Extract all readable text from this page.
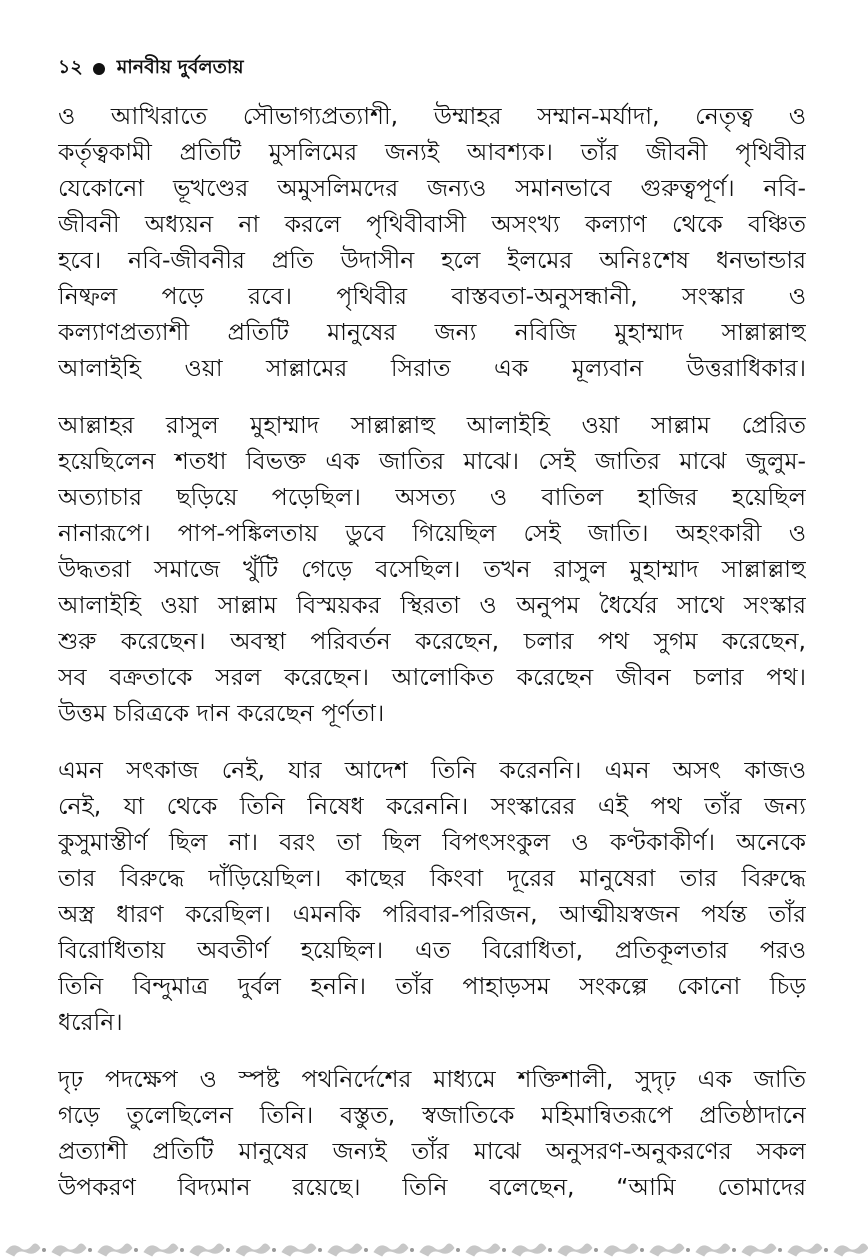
১২ মানবীয় দুর্বলতায়
ও আখিরাতে সৌভাগ্যপ্রত্যাশী, উম্মাহর সম্মান-মর্যাদা, নেতৃত্ব ও
কর্তৃত্বকামী প্রতিটি মুসলিমের জন্যই আবশ্যক। তাঁর জীবনী পৃথিবীর
যেকোনো ভূখণ্ডের অমুসলিমদের জন্যও সমানভাবে গুরুত্বপূর্ণ। নবি-
জীবনী অধ্যয়ন না করলে পৃথিবীবাসী অসংখ্য কল্যাণ থেকে বঞ্চিত
হবে। নবি-জীবনীর প্রতি উদাসীন হলে ইলমের অনিঃশেষ ধনভান্ডার
নিষ্ফল পড়ে রবে। পৃথিবীর বাস্তবতা-অনুসন্ধানী, সংস্কার ও
কল্যাণপ্রত্যাশী প্রতিটি মানুষের জন্য নবিজি মুহাম্মাদ সাল্লাল্লাহু
আলাইহি ওয়া সাল্লামের সিরাত এক মূল্যবান উত্তরাধিকার।
আল্লাহর রাসুল মুহাম্মাদ সাল্লাল্লাহু আলাইহি ওয়া সাল্লাম প্রেরিত
হয়েছিলেন শতধা বিভক্ত এক জাতির মাঝে। সেই জাতির মাঝে জুলুম-
অত্যাচার ছড়িয়ে পড়েছিল। অসত্য ও বাতিল হাজির হয়েছিল
নানারূপে। পাপ-পঙ্কিলতায় ডুবে গিয়েছিল সেই জাতি। অহংকারী ও
উদ্ধতরা সমাজে খুঁটি গেড়ে বসেছিল। তখন রাসুল মুহাম্মাদ সাল্লাল্লাহু
আলাইহি ওয়া সাল্লাম বিস্ময়কর স্থিরতা ও অনুপম ধৈর্যের সাথে সংস্কার
শুরু করেছেন। অবস্থা পরিবর্তন করেছেন, চলার পথ সুগম করেছেন,
সব বক্রতাকে সরল করেছেন। আলোকিত করেছেন জীবন চলার পথ।
উত্তম চরিত্রকে দান করেছেন পূর্ণতা।
এমন সৎকাজ নেই, যার আদেশ তিনি করেননি। এমন অসৎ কাজও
নেই, যা থেকে তিনি নিষেধ করেননি। সংস্কারের এই পথ তাঁর জন্য
কুসুমাস্তীর্ণ ছিল না। বরং তা ছিল বিপৎসংকুল ও কণ্টকাকীর্ণ। অনেকে
তার বিরুদ্ধে দাঁড়িয়েছিল। কাছের কিংবা দূরের মানুষেরা তার বিরুদ্ধে
অস্ত্র ধারণ করেছিল। এমনকি পরিবার-পরিজন, আত্মীয়স্বজন পর্যন্ত তাঁর
বিরোধিতায় অবতীর্ণ হয়েছিল। এত বিরোধিতা, প্রতিকূলতার পরও
তিনি বিন্দুমাত্র দুর্বল হননি। তাঁর পাহাড়সম সংকল্পে কোনো চিড়
ধরেনি।
দৃঢ় পদক্ষেপ ও স্পষ্ট পথনির্দেশের মাধ্যমে শক্তিশালী, সুদৃঢ় এক জাতি
গড়ে তুলেছিলেন তিনি। বস্তুত, স্বজাতিকে মহিমান্বিতরূপে প্রতিষ্ঠাদানে
প্রত্যাশী প্রতিটি মানুষের জন্যই তাঁর মাঝে অনুসরণ-অনুকরণের সকল
উপকরণ বিদ্যমান রয়েছে। তিনি বলেছেন, “আমি তোমাদের
